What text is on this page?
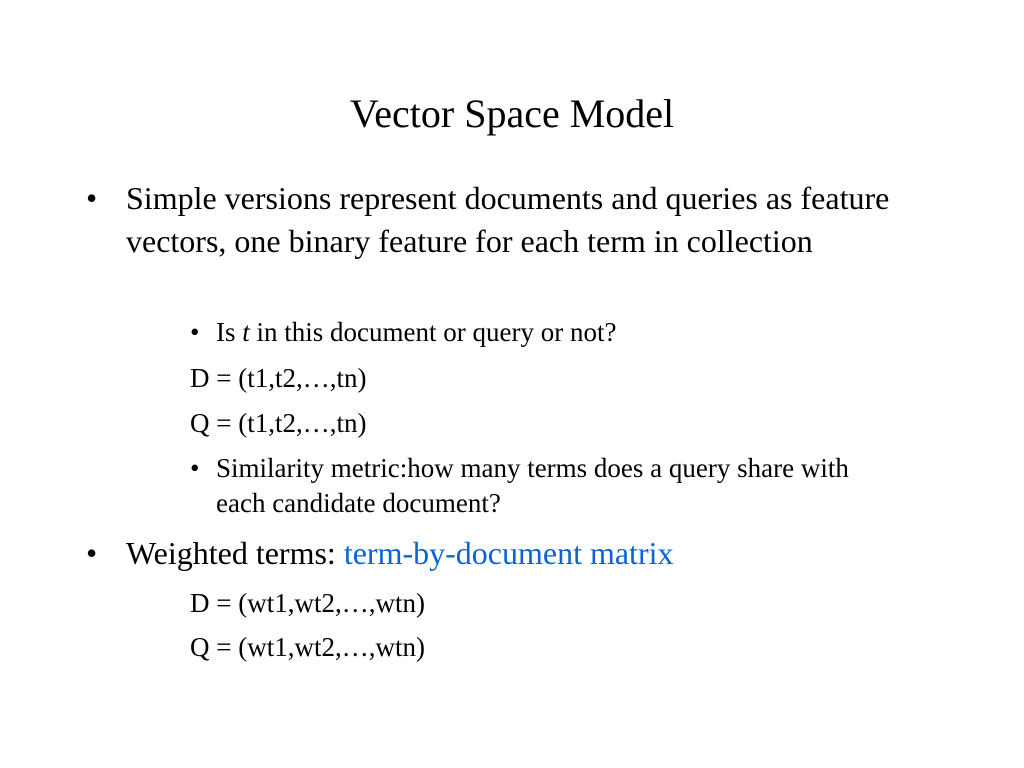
Vector Space Model
• Simple versions represent documents and queries as feature vectors, one binary feature for each term in collection
• Is t in this document or query or not?
D = (t1,t2,…,tn)
Q = (t1,t2,…,tn)
• Similarity metric:how many terms does a query share with each candidate document?
• Weighted terms: term-by-document matrix
D = (wt1,wt2,…,wtn)
Q = (wt1,wt2,…,wtn)
